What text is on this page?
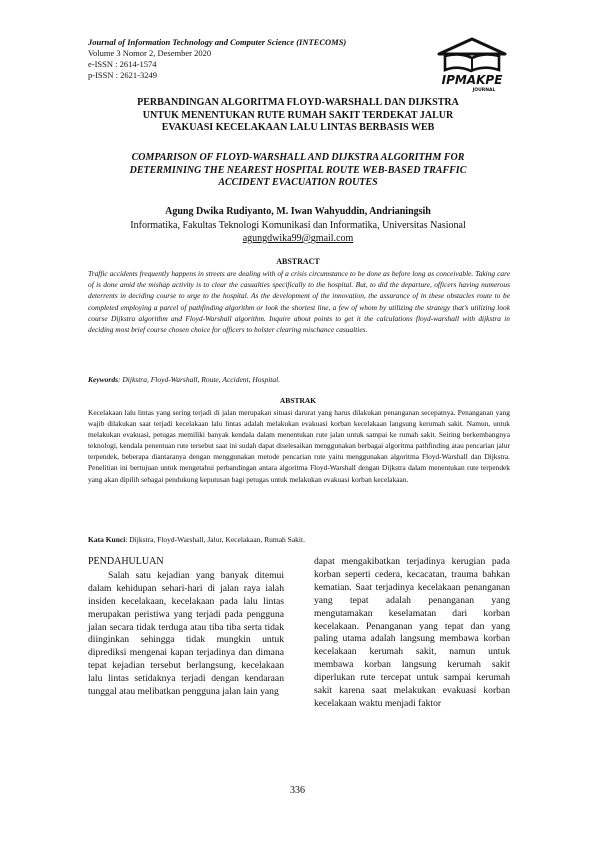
Journal of Information Technology and Computer Science (INTECOMS)
Volume 3 Nomor 2, Desember 2020
e-ISSN : 2614-1574
p-ISSN : 2621-3249	IPMAKPE
JOURNAL
PERBANDINGAN ALGORITMA FLOYD-WARSHALL DAN DIJKSTRA
UNTUK MENENTUKAN RUTE RUMAH SAKIT TERDEKAT JALUR
EVAKUASI KECELAKAAN LALU LINTAS BERBASIS WEB
COMPARISON OF FLOYD-WARSHALL AND DIJKSTRA ALGORITHM FOR
DETERMINING THE NEAREST HOSPITAL ROUTE WEB-BASED TRAFFIC
ACCIDENT EVACUATION ROUTES
Agung Dwika Rudiyanto, M. Iwan Wahyuddin, Andrianingsih
Informatika, Fakultas Teknologi Komunikasi dan Informatika, Universitas Nasional
agungdwika99@gmail.com
ABSTRACT
Traffic accidents frequently happens in streets are dealing with of a crisis circumstance to be done as before long as conceivable. Taking care of is done amid the mishap activity is to clear the casualties specifically to the hospital. But, to did the departure, officers having numerous deterrents in deciding course to urge to the hospital. As the development of the innovation, the assurance of in these obstacles route to be completed employing a parcel of pathfinding algorithm or look the shortest line, a few of whom by utilizing the strategy that's utilizing look course Dijkstra algorithm and Floyd-Warshall algorithm. Inquire about points to get it the calculations floyd-warshall with dijkstra in deciding most brief course chosen choice for officers to bolster clearing mischance casualties.
Keywords: Dijkstra, Floyd-Warshall, Route, Accident, Hospital.
ABSTRAK
Kecelakaan lalu lintas yang sering terjadi di jalan merupakan situasi darurat yang harus dilakukan penanganan secepatnya. Penanganan yang wajib dilakukan saat terjadi kecelakaan lalu lintas adalah melakukan evakuasi korban kecelakaan langsung kerumah sakit. Namun, untuk melakukan evakuasi, petugas memiliki banyak kendala dalam menentukan rute jalan untuk sampai ke rumah sakit. Seiring berkembangnya teknologi, kendala penentuan rute tersebut saat ini sudah dapat diselesaikan menggunakan berbagai algoritma pathfinding atau pencarian jalur terpendek, beberapa diantaranya dengan menggunakan metode pencarian rute yaitu menggunakan algoritma Floyd-Warshall dan Dijkstra. Penelitian ini bertujuan untuk mengetahui perbandingan antara algoritma Floyd-Warshall dengan Dijkstra dalam menentukan rute terpendek yang akan dipilih sebagai pendukung keputusan bagi petugas untuk melakukan evakuasi korban kecelakaan.
Kata Kunci: Dijkstra, Floyd-Warshall, Jalur, Kecelakaan, Rumah Sakit.
PENDAHULUAN

Salah satu kejadian yang banyak ditemui dalam kehidupan sehari-hari di jalan raya ialah insiden kecelakaan, kecelakaan pada lalu lintas merupakan peristiwa yang terjadi pada pengguna jalan secara tidak terduga atau tiba tiba serta tidak diinginkan sehingga tidak mungkin untuk diprediksi mengenai kapan terjadinya dan dimana tepat kejadian tersebut berlangsung, kecelakaan lalu lintas setidaknya terjadi dengan kendaraan tunggal atau melibatkan pengguna jalan lain yang

dapat mengakibatkan terjadinya kerugian pada korban seperti cedera, kecacatan, trauma bahkan kematian. Saat terjadinya kecelakaan penanganan yang tepat adalah penanganan yang mengutamakan keselamatan dari korban kecelakaan. Penanganan yang tepat dan yang paling utama adalah langsung membawa korban kecelakaan kerumah sakit, namun untuk membawa korban langsung kerumah sakit diperlukan rute tercepat untuk sampai kerumah sakit karena saat melakukan evakuasi korban kecelakaan waktu menjadi faktor

336
